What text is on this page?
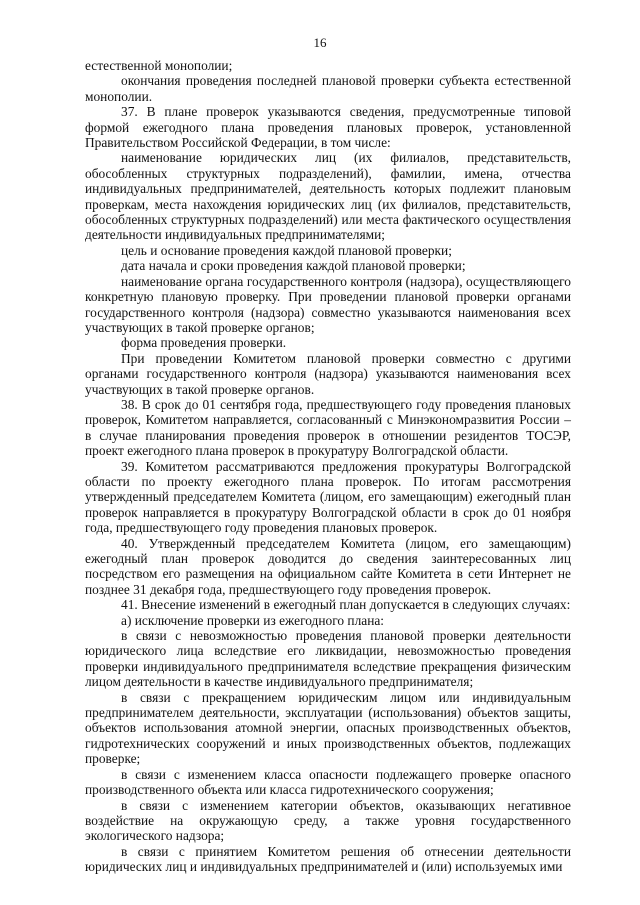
16

естественной монополии;

окончания проведения последней плановой проверки субъекта естественной монополии.

37. В плане проверок указываются сведения, предусмотренные типовой формой ежегодного плана проведения плановых проверок, установленной Правительством Российской Федерации, в том числе:

наименование юридических лиц (их филиалов, представительств, обособленных структурных подразделений), фамилии, имена, отчества индивидуальных предпринимателей, деятельность которых подлежит плановым проверкам, места нахождения юридических лиц (их филиалов, представительств, обособленных структурных подразделений) или места фактического осуществления деятельности индивидуальных предпринимателями;

цель и основание проведения каждой плановой проверки;

дата начала и сроки проведения каждой плановой проверки;

наименование органа государственного контроля (надзора), осуществляющего конкретную плановую проверку. При проведении плановой проверки органами государственного контроля (надзора) совместно указываются наименования всех участвующих в такой проверке органов;

форма проведения проверки.

При проведении Комитетом плановой проверки совместно с другими органами государственного контроля (надзора) указываются наименования всех участвующих в такой проверке органов.

38. В срок до 01 сентября года, предшествующего году проведения плановых проверок, Комитетом направляется, согласованный с Минэкономразвития России – в случае планирования проведения проверок в отношении резидентов ТОСЭР, проект ежегодного плана проверок в прокуратуру Волгоградской области.

39. Комитетом рассматриваются предложения прокуратуры Волгоградской области по проекту ежегодного плана проверок. По итогам рассмотрения утвержденный председателем Комитета (лицом, его замещающим) ежегодный план проверок направляется в прокуратуру Волгоградской области в срок до 01 ноября года, предшествующего году проведения плановых проверок.

40. Утвержденный председателем Комитета (лицом, его замещающим) ежегодный план проверок доводится до сведения заинтересованных лиц посредством его размещения на официальном сайте Комитета в сети Интернет не позднее 31 декабря года, предшествующего году проведения проверок.

41. Внесение изменений в ежегодный план допускается в следующих случаях:

а) исключение проверки из ежегодного плана:

в связи с невозможностью проведения плановой проверки деятельности юридического лица вследствие его ликвидации, невозможностью проведения проверки индивидуального предпринимателя вследствие прекращения физическим лицом деятельности в качестве индивидуального предпринимателя;

в связи с прекращением юридическим лицом или индивидуальным предпринимателем деятельности, эксплуатации (использования) объектов защиты, объектов использования атомной энергии, опасных производственных объектов, гидротехнических сооружений и иных производственных объектов, подлежащих проверке;

в связи с изменением класса опасности подлежащего проверке опасного производственного объекта или класса гидротехнического сооружения;

в связи с изменением категории объектов, оказывающих негативное воздействие на окружающую среду, а также уровня государственного экологического надзора;

в связи с принятием Комитетом решения об отнесении деятельности юридических лиц и индивидуальных предпринимателей и (или) используемых ими
